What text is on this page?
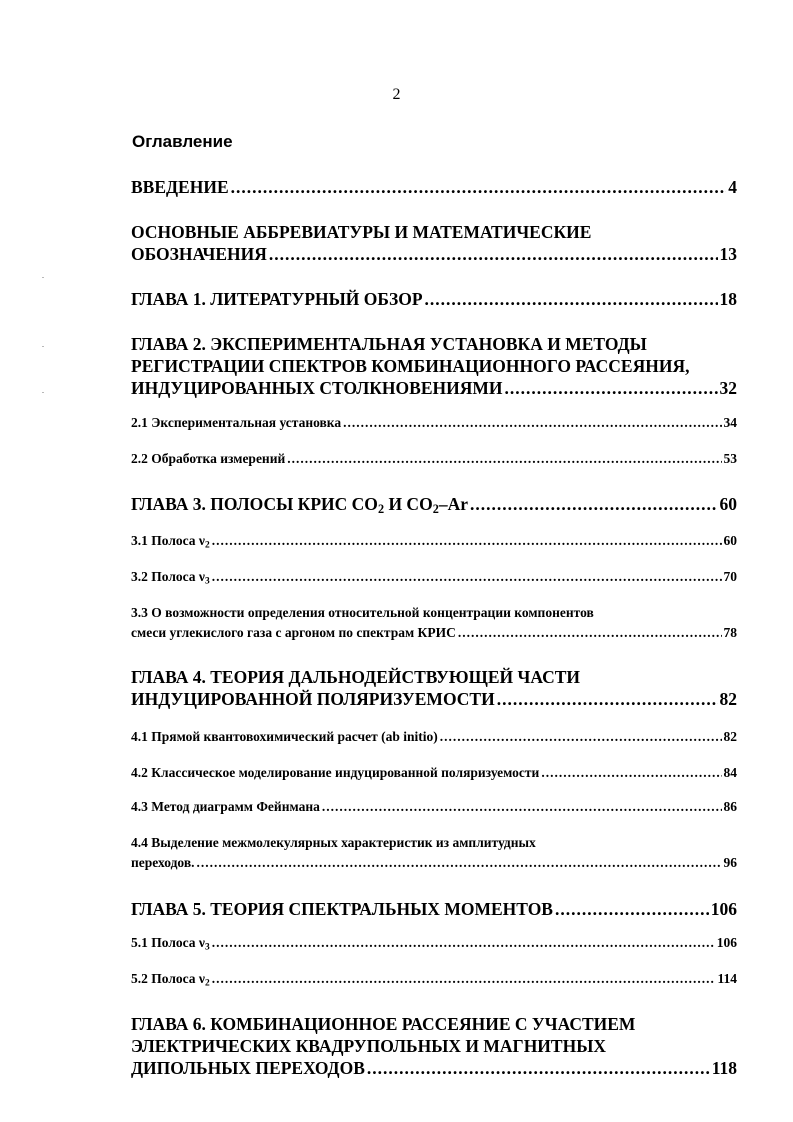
2
Оглавление
ВВЕДЕНИЕ .....	4
ОСНОВНЫЕ АББРЕВИАТУРЫ И МАТЕМАТИЧЕСКИЕ
ОБОЗНАЧЕНИЯ .....	13
ГЛАВА 1. ЛИТЕРАТУРНЫЙ ОБЗОР .....	18
ГЛАВА 2. ЭКСПЕРИМЕНТАЛЬНАЯ УСТАНОВКА И МЕТОДЫ
РЕГИСТРАЦИИ СПЕКТРОВ КОМБИНАЦИОННОГО РАССЕЯНИЯ,
ИНДУЦИРОВАННЫХ СТОЛКНОВЕНИЯМИ .....	32
2.1 Экспериментальная установка .....	34
2.2 Обработка измерений .....	53
ГЛАВА 3. ПОЛОСЫ КРИС $СО_2$ И $СО_2-Ar$ .....	60
3.1 Полоса $\nu_2$ .....	60
3.2 Полоса $\nu_3$ .....	70
3.3 О возможности определения относительной концентрации компонентов
смеси углекислого газа с аргоном по спектрам КРИС .....	78
ГЛАВА 4. ТЕОРИЯ ДАЛЬНОДЕЙСТВУЮЩЕЙ ЧАСТИ
ИНДУЦИРОВАННОЙ ПОЛЯРИЗУЕМОСТИ .....	82
4.1 Прямой квантовохимический расчет (ab initio) .....	82
4.2 Классическое моделирование индуцированной поляризуемости .....	84
4.3 Метод диаграмм Фейнмана .....	86
4.4 Выделение межмолекулярных характеристик из амплитудных
переходов. .....	96
ГЛАВА 5. ТЕОРИЯ СПЕКТРАЛЬНЫХ МОМЕНТОВ .....	106
5.1 Полоса $\nu_3$ .....	106
5.2 Полоса $\nu_2$ .....	114
ГЛАВА 6. КОМБИНАЦИОННОЕ РАССЕЯНИЕ С УЧАСТИЕМ
ЭЛЕКТРИЧЕСКИХ КВАДРУПОЛЬНЫХ И МАГНИТНЫХ
ДИПОЛЬНЫХ ПЕРЕХОДОВ .....	118
